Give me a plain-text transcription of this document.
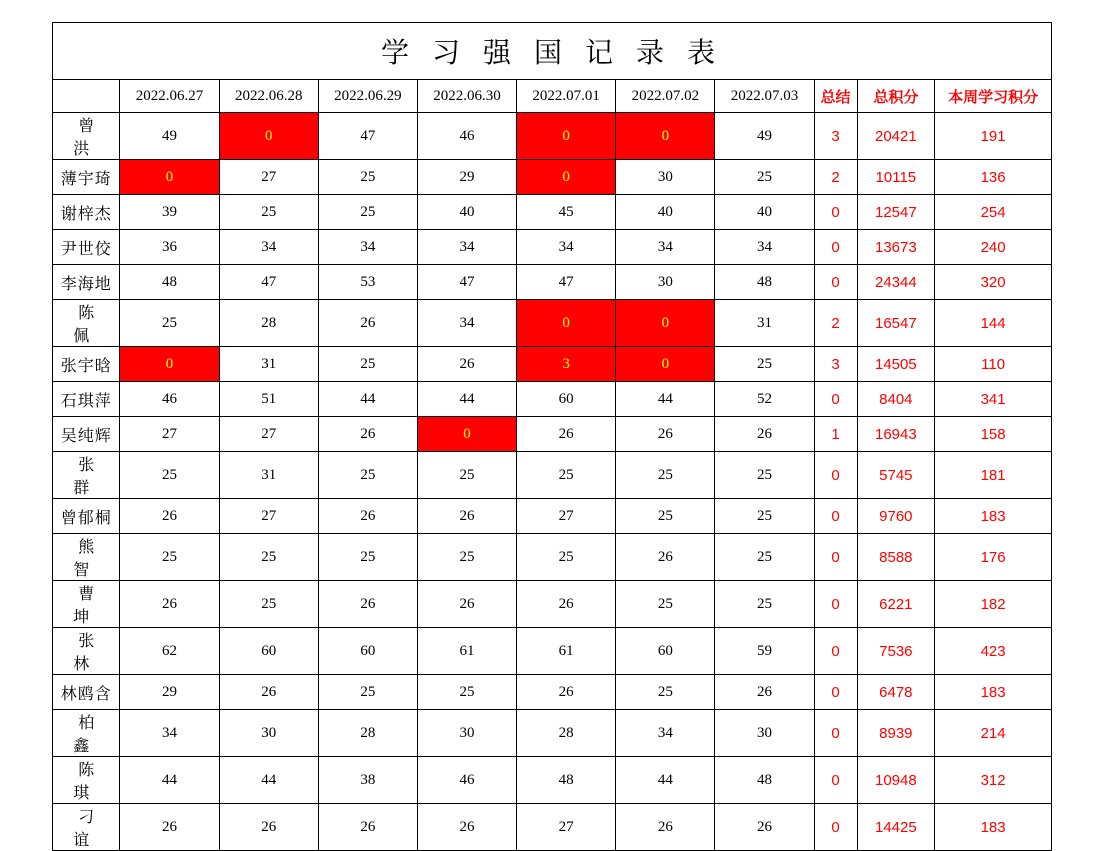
学 习 强 国 记 录 表										
	2022.06.27	2022.06.28	2022.06.29	2022.06.30	2022.07.01	2022.07.02	2022.07.03	总结	总积分	本周学习积分
曾 洪	49	0	47	46	0	0	49	3	20421	191
薄宇琦	0	27	25	29	0	30	25	2	10115	136
谢梓杰	39	25	25	40	45	40	40	0	12547	254
尹世佼	36	34	34	34	34	34	34	0	13673	240
李海地	48	47	53	47	47	30	48	0	24344	320
陈 佩	25	28	26	34	0	0	31	2	16547	144
张宇晗	0	31	25	26	3	0	25	3	14505	110
石琪萍	46	51	44	44	60	44	52	0	8404	341
吴纯辉	27	27	26	0	26	26	26	1	16943	158
张 群	25	31	25	25	25	25	25	0	5745	181
曾郁桐	26	27	26	26	27	25	25	0	9760	183
熊 智	25	25	25	25	25	26	25	0	8588	176
曹 坤	26	25	26	26	26	25	25	0	6221	182
张 林	62	60	60	61	61	60	59	0	7536	423
林鸥含	29	26	25	25	26	25	26	0	6478	183
柏 鑫	34	30	28	30	28	34	30	0	8939	214
陈 琪	44	44	38	46	48	44	48	0	10948	312
刁 谊	26	26	26	26	27	26	26	0	14425	183
